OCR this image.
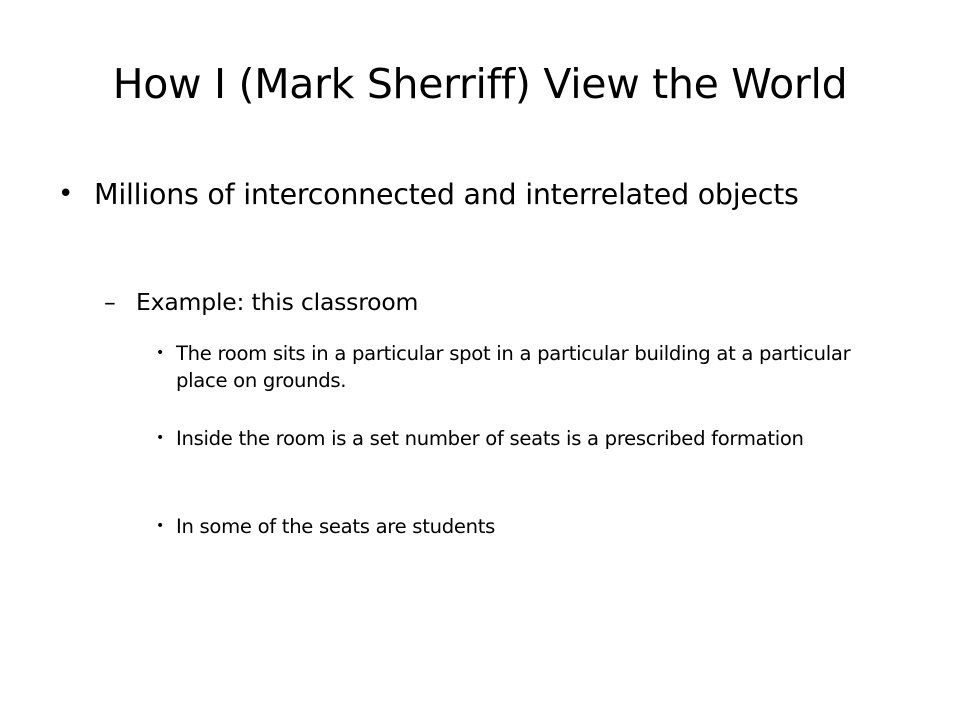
How I (Mark Sherriff) View the World
• Millions of interconnected and interrelated objects
– Example: this classroom
• The room sits in a particular spot in a particular building at a particular place on grounds.
• Inside the room is a set number of seats is a prescribed formation
• In some of the seats are students
